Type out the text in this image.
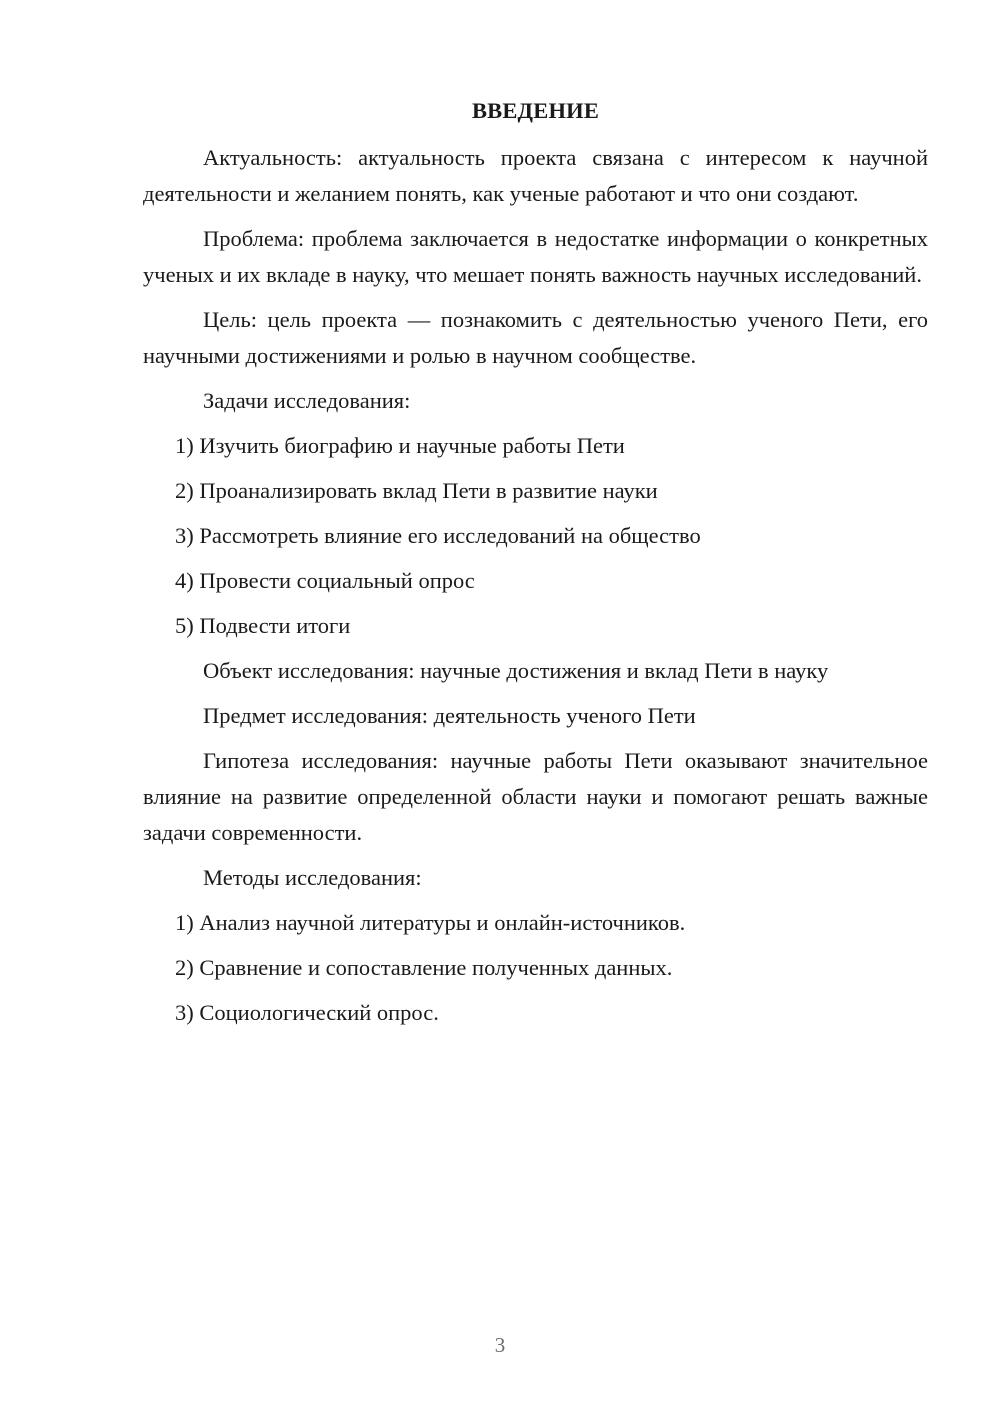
ВВЕДЕНИЕ

Актуальность: актуальность проекта связана с интересом к научной деятельности и желанием понять, как ученые работают и что они создают.

Проблема: проблема заключается в недостатке информации о конкретных ученых и их вкладе в науку, что мешает понять важность научных исследований.

Цель: цель проекта — познакомить с деятельностью ученого Пети, его научными достижениями и ролью в научном сообществе.

Задачи исследования:
1) Изучить биографию и научные работы Пети
2) Проанализировать вклад Пети в развитие науки
3) Рассмотреть влияние его исследований на общество
4) Провести социальный опрос
5) Подвести итоги
Объект исследования: научные достижения и вклад Пети в науку
Предмет исследования: деятельность ученого Пети

Гипотеза исследования: научные работы Пети оказывают значительное влияние на развитие определенной области науки и помогают решать важные задачи современности.

Методы исследования:
1) Анализ научной литературы и онлайн-источников.
2) Сравнение и сопоставление полученных данных.
3) Социологический опрос.
3
